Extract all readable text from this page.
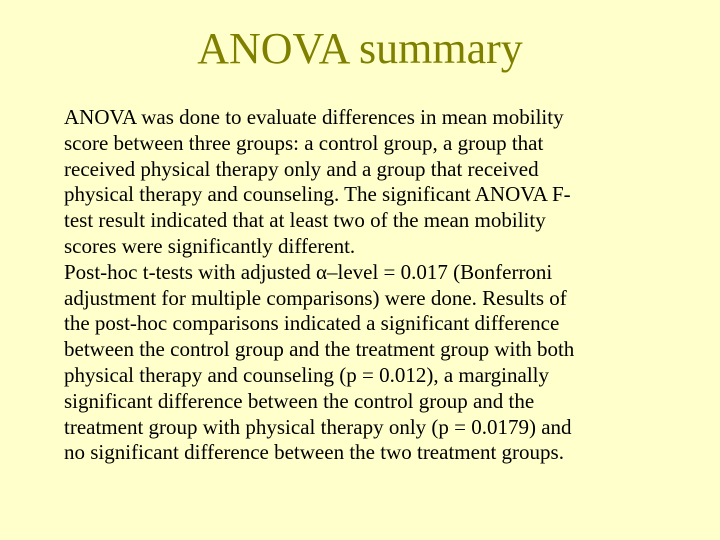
ANOVA summary

ANOVA was done to evaluate differences in mean mobility
score between three groups: a control group, a group that
received physical therapy only and a group that received
physical therapy and counseling. The significant ANOVA F-
test result indicated that at least two of the mean mobility
scores were significantly different.

Post-hoc t-tests with adjusted α–level = 0.017 (Bonferroni
adjustment for multiple comparisons) were done. Results of
the post-hoc comparisons indicated a significant difference
between the control group and the treatment group with both
physical therapy and counseling (p = 0.012), a marginally
significant difference between the control group and the
treatment group with physical therapy only (p = 0.0179) and
no significant difference between the two treatment groups.
